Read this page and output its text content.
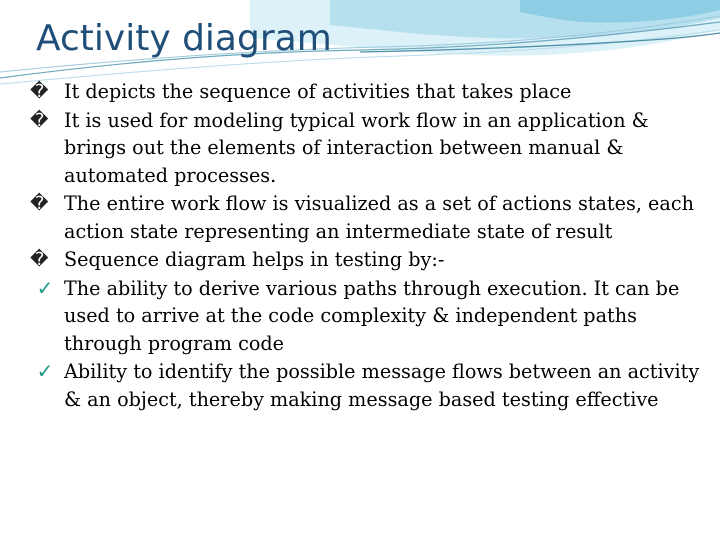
Activity diagram
� It depicts the sequence of activities that takes place
� It is used for modeling typical work flow in an application & brings out the elements of interaction between manual & automated processes.
� The entire work flow is visualized as a set of actions states, each action state representing an intermediate state of result
� Sequence diagram helps in testing by:-
✓ The ability to derive various paths through execution. It can be used to arrive at the code complexity & independent paths through program code
✓ Ability to identify the possible message flows between an activity & an object, thereby making message based testing effective
